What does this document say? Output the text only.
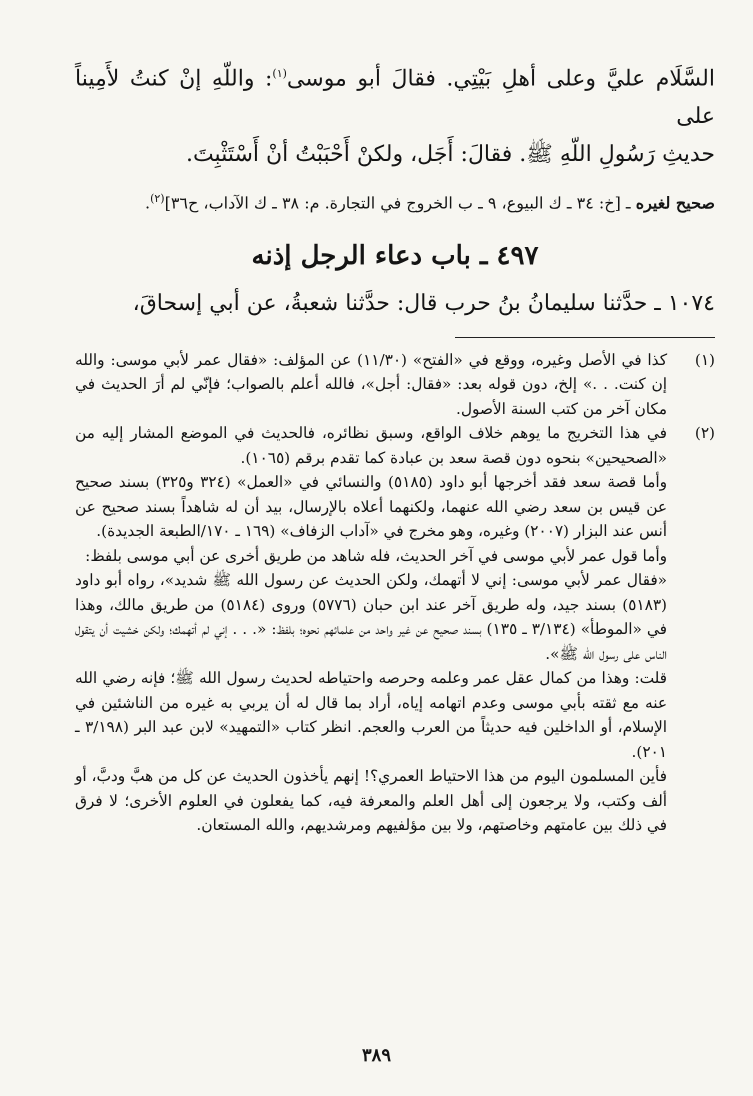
السَّلَام عليَّ وعلى أهلِ بَيْتِي. فقالَ أبو موسى$^{(١)}$: واللّهِ إنْ كنتُ لأَمِيناً على
حديثِ رَسُولِ اللّهِ ﷺ. فقالَ: أَجَل، ولكنْ أَحْبَبْتُ أنْ أَسْتَثْبِتَ.
صحيح لغيره ـ [خ: ٣٤ ـ ك البيوع، ٩ ـ ب الخروج في التجارة. م: ٣٨ ـ ك الآداب، ح٣٦]$^{(٢)}$.
٤٩٧ ـ باب دعاء الرجل إذنه
١٠٧٤ ـ حدَّثنا سليمانُ بنُ حرب قال: حدَّثنا شعبةُ، عن أبي إسحاقَ،
(١)
كذا في الأصل وغيره، ووقع في «الفتح» (١١/٣٠) عن المؤلف: «فقال عمر لأبي موسى: والله إن كنت. . .» إلخ، دون قوله بعد: «فقال: أجل»، فالله أعلم بالصواب؛ فإنّي لم أرَ الحديث في مكان آخر من كتب السنة الأصول.
(٢)
في هذا التخريج ما يوهم خلاف الواقع، وسبق نظائره، فالحديث في الموضع المشار إليه من «الصحيحين» بنحوه دون قصة سعد بن عبادة كما تقدم برقم (١٠٦٥).
وأما قصة سعد فقد أخرجها أبو داود (٥١٨٥) والنسائي في «العمل» (٣٢٤ و٣٢٥) بسند صحيح عن قيس بن سعد رضي الله عنهما، ولكنهما أعلاه بالإرسال، بيد أن له شاهداً بسند صحيح عن أنس عند البزار (٢٠٠٧) وغيره، وهو مخرج في «آداب الزفاف» (١٦٩ ـ ١٧٠/الطبعة الجديدة).
وأما قول عمر لأبي موسى في آخر الحديث، فله شاهد من طريق أخرى عن أبي موسى بلفظ:
«فقال عمر لأبي موسى: إني لا أتهمك، ولكن الحديث عن رسول الله ﷺ شديد»، رواه أبو داود (٥١٨٣) بسند جيد، وله طريق آخر عند ابن حبان (٥٧٧٦) وروى (٥١٨٤) من طريق مالك، وهذا في «الموطأ» (٣/١٣٤ ـ ١٣٥) بسند صحيح عن غير واحد من علمائهم نحوه؛ بلفظ: «. . . إني لم أتهمك؛ ولكن خشيت أن يتقول الناس على رسول الله ﷺ».
قلت: وهذا من كمال عقل عمر وعلمه وحرصه واحتياطه لحديث رسول الله ﷺ؛ فإنه رضي الله عنه مع ثقته بأبي موسى وعدم اتهامه إياه، أراد بما قال له أن يربي به غيره من الناشئين في الإسلام، أو الداخلين فيه حديثاً من العرب والعجم. انظر كتاب «التمهيد» لابن عبد البر (٣/١٩٨ ـ ٢٠١).
فأين المسلمون اليوم من هذا الاحتياط العمري؟! إنهم يأخذون الحديث عن كل من هبَّ ودبَّ، أو ألف وكتب، ولا يرجعون إلى أهل العلم والمعرفة فيه، كما يفعلون في العلوم الأخرى؛ لا فرق في ذلك بين عامتهم وخاصتهم، ولا بين مؤلفيهم ومرشديهم، والله المستعان.
٣٨٩
